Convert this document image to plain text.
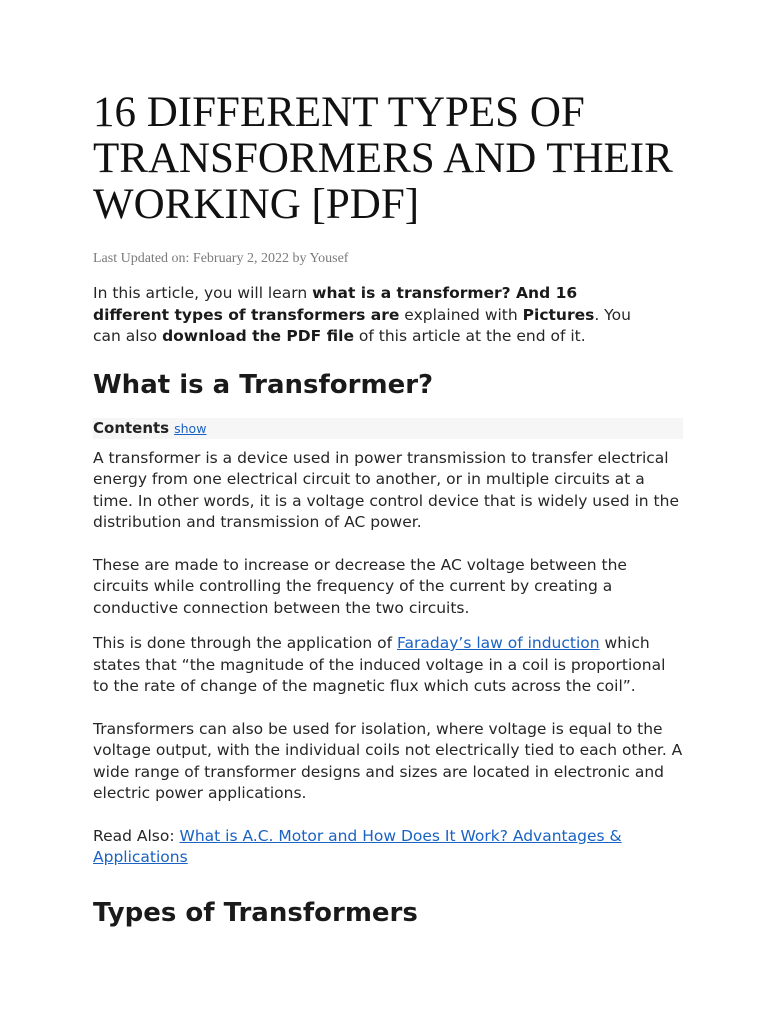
16 DIFFERENT TYPES OF TRANSFORMERS AND THEIR WORKING [PDF]
Last Updated on: February 2, 2022 by Yousef

In this article, you will learn what is a transformer? And 16 different types of transformers are explained with Pictures. You can also download the PDF file of this article at the end of it.

What is a Transformer?
Contents show

A transformer is a device used in power transmission to transfer electrical energy from one electrical circuit to another, or in multiple circuits at a time. In other words, it is a voltage control device that is widely used in the distribution and transmission of AC power.

These are made to increase or decrease the AC voltage between the circuits while controlling the frequency of the current by creating a conductive connection between the two circuits.

This is done through the application of Faraday’s law of induction which states that “the magnitude of the induced voltage in a coil is proportional to the rate of change of the magnetic flux which cuts across the coil”.

Transformers can also be used for isolation, where voltage is equal to the voltage output, with the individual coils not electrically tied to each other. A wide range of transformer designs and sizes are located in electronic and electric power applications.

Read Also: What is A.C. Motor and How Does It Work? Advantages & Applications

Types of Transformers
